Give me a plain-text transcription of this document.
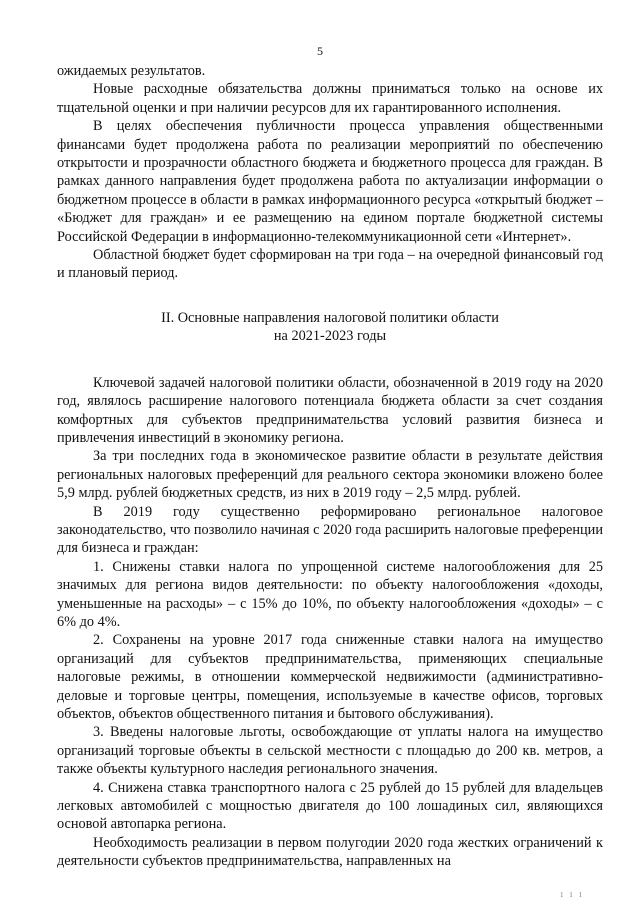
5

ожидаемых результатов.

Новые расходные обязательства должны приниматься только на основе их тщательной оценки и при наличии ресурсов для их гарантированного исполнения.

В целях обеспечения публичности процесса управления общественными финансами будет продолжена работа по реализации мероприятий по обеспечению открытости и прозрачности областного бюджета и бюджетного процесса для граждан. В рамках данного направления будет продолжена работа по актуализации информации о бюджетном процессе в области в рамках информационного ресурса «открытый бюджет – «Бюджет для граждан» и ее размещению на едином портале бюджетной системы Российской Федерации в информационно-телекоммуникационной сети «Интернет».

Областной бюджет будет сформирован на три года – на очередной финансовый год и плановый период.

II. Основные направления налоговой политики области
на 2021-2023 годы

Ключевой задачей налоговой политики области, обозначенной в 2019 году на 2020 год, являлось расширение налогового потенциала бюджета области за счет создания комфортных для субъектов предпринимательства условий развития бизнеса и привлечения инвестиций в экономику региона.

За три последних года в экономическое развитие области в результате действия региональных налоговых преференций для реального сектора экономики вложено более 5,9 млрд. рублей бюджетных средств, из них в 2019 году – 2,5 млрд. рублей.

В 2019 году существенно реформировано региональное налоговое законодательство, что позволило начиная с 2020 года расширить налоговые преференции для бизнеса и граждан:

1. Снижены ставки налога по упрощенной системе налогообложения для 25 значимых для региона видов деятельности: по объекту налогообложения «доходы, уменьшенные на расходы» – с 15% до 10%, по объекту налогообложения «доходы» – с 6% до 4%.

2. Сохранены на уровне 2017 года сниженные ставки налога на имущество организаций для субъектов предпринимательства, применяющих специальные налоговые режимы, в отношении коммерческой недвижимости (административно-деловые и торговые центры, помещения, используемые в качестве офисов, торговых объектов, объектов общественного питания и бытового обслуживания).

3. Введены налоговые льготы, освобождающие от уплаты налога на имущество организаций торговые объекты в сельской местности с площадью до 200 кв. метров, а также объекты культурного наследия регионального значения.

4. Снижена ставка транспортного налога с 25 рублей до 15 рублей для владельцев легковых автомобилей с мощностью двигателя до 100 лошадиных сил, являющихся основой автопарка региона.

Необходимость реализации в первом полугодии 2020 года жестких ограничений к деятельности субъектов предпринимательства, направленных на

1 1 1
